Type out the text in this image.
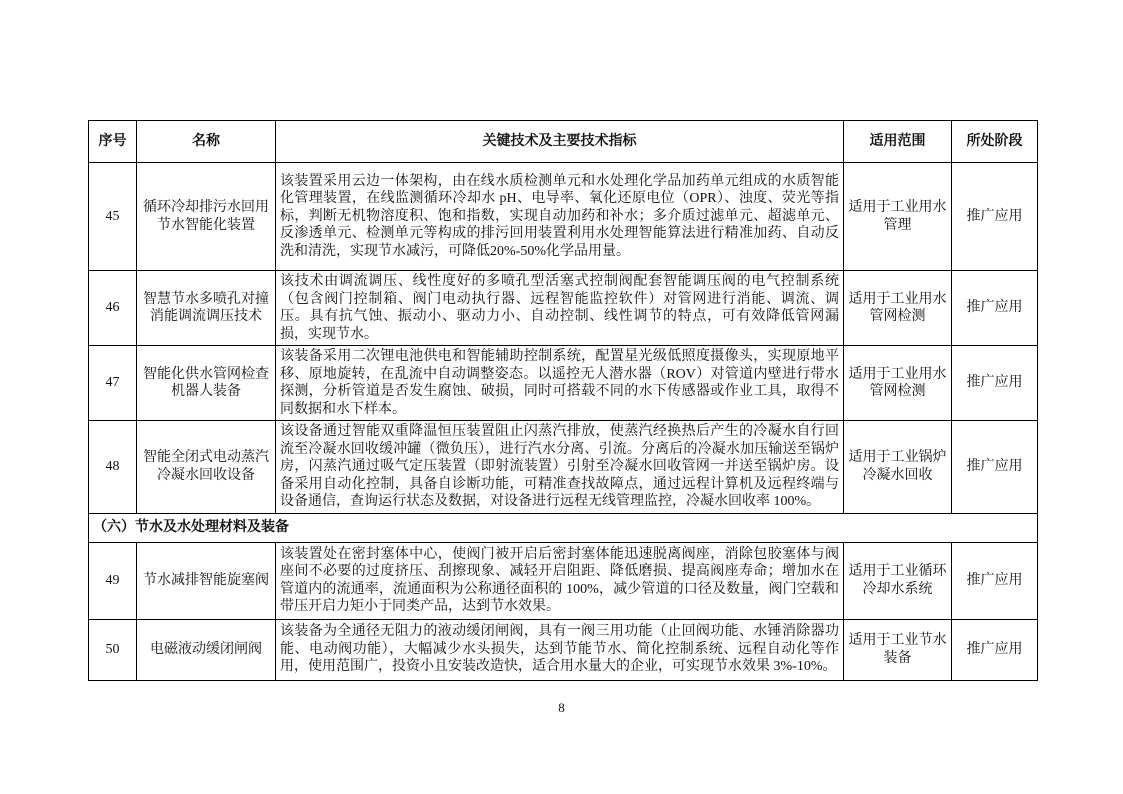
序号	名称	关键技术及主要技术指标	适用范围	所处阶段
45	循环冷却排污水回用节水智能化装置	该装置采用云边一体架构，由在线水质检测单元和水处理化学品加药单元组成的水质智能化管理装置，在线监测循环冷却水 pH、电导率、氧化还原电位（OPR）、浊度、荧光等指标，判断无机物溶度积、饱和指数，实现自动加药和补水；多介质过滤单元、超滤单元、反渗透单元、检测单元等构成的排污回用装置利用水处理智能算法进行精准加药、自动反洗和清洗，实现节水减污，可降低20%-50%化学品用量。	适用于工业用水管理	推广应用
46	智慧节水多喷孔对撞消能调流调压技术	该技术由调流调压、线性度好的多喷孔型活塞式控制阀配套智能调压阀的电气控制系统（包含阀门控制箱、阀门电动执行器、远程智能监控软件）对管网进行消能、调流、调压。具有抗气蚀、振动小、驱动力小、自动控制、线性调节的特点，可有效降低管网漏损，实现节水。	适用于工业用水管网检测	推广应用
47	智能化供水管网检查机器人装备	该装备采用二次锂电池供电和智能辅助控制系统，配置星光级低照度摄像头，实现原地平移、原地旋转，在乱流中自动调整姿态。以遥控无人潜水器（ROV）对管道内壁进行带水探测，分析管道是否发生腐蚀、破损，同时可搭载不同的水下传感器或作业工具，取得不同数据和水下样本。	适用于工业用水管网检测	推广应用
48	智能全闭式电动蒸汽冷凝水回收设备	该设备通过智能双重降温恒压装置阻止闪蒸汽排放，使蒸汽经换热后产生的冷凝水自行回流至冷凝水回收缓冲罐（微负压），进行汽水分离、引流。分离后的冷凝水加压输送至锅炉房，闪蒸汽通过吸气定压装置（即射流装置）引射至冷凝水回收管网一并送至锅炉房。设备采用自动化控制，具备自诊断功能，可精准查找故障点，通过远程计算机及远程终端与设备通信，查询运行状态及数据，对设备进行远程无线管理监控，冷凝水回收率 100%。	适用于工业锅炉冷凝水回收	推广应用
（六）节水及水处理材料及装备				
49	节水减排智能旋塞阀	该装置处在密封塞体中心，使阀门被开启后密封塞体能迅速脱离阀座，消除包胶塞体与阀座间不必要的过度挤压、刮擦现象、减轻开启阻距、降低磨损、提高阀座寿命；增加水在管道内的流通率，流通面积为公称通径面积的 100%，减少管道的口径及数量，阀门空载和带压开启力矩小于同类产品，达到节水效果。	适用于工业循环冷却水系统	推广应用
50	电磁液动缓闭闸阀	该装备为全通径无阻力的液动缓闭闸阀，具有一阀三用功能（止回阀功能、水锤消除器功能、电动阀功能），大幅减少水头损失，达到节能节水、简化控制系统、远程自动化等作用，使用范围广，投资小且安装改造快，适合用水量大的企业，可实现节水效果 3%-10%。	适用于工业节水装备	推广应用
8
